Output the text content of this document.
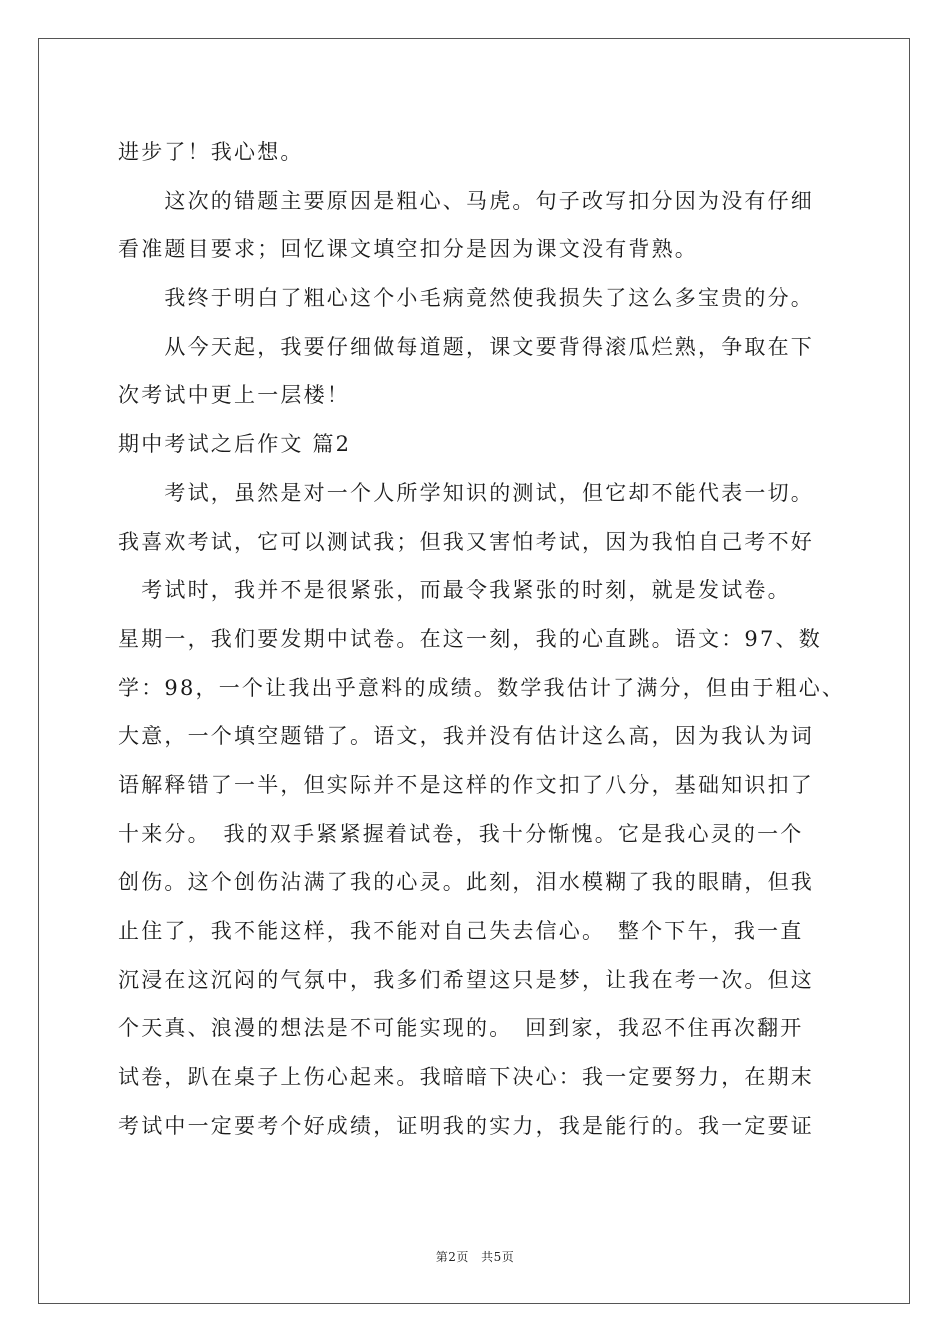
进步了！我心想。
　　这次的错题主要原因是粗心、马虎。句子改写扣分因为没有仔细
看准题目要求；回忆课文填空扣分是因为课文没有背熟。
　　我终于明白了粗心这个小毛病竟然使我损失了这么多宝贵的分。
　　从今天起，我要仔细做每道题，课文要背得滚瓜烂熟，争取在下
次考试中更上一层楼！
期中考试之后作文 篇2
　　考试，虽然是对一个人所学知识的测试，但它却不能代表一切。
我喜欢考试，它可以测试我；但我又害怕考试，因为我怕自己考不好
　考试时，我并不是很紧张，而最令我紧张的时刻，就是发试卷。
星期一，我们要发期中试卷。在这一刻，我的心直跳。语文：97、数
学：98，一个让我出乎意料的成绩。数学我估计了满分，但由于粗心、
大意，一个填空题错了。语文，我并没有估计这么高，因为我认为词
语解释错了一半，但实际并不是这样的作文扣了八分，基础知识扣了
十来分。　我的双手紧紧握着试卷，我十分惭愧。它是我心灵的一个
创伤。这个创伤沾满了我的心灵。此刻，泪水模糊了我的眼睛，但我
止住了，我不能这样，我不能对自己失去信心。　整个下午，我一直
沉浸在这沉闷的气氛中，我多们希望这只是梦，让我在考一次。但这
个天真、浪漫的想法是不可能实现的。　回到家，我忍不住再次翻开
试卷，趴在桌子上伤心起来。我暗暗下决心：我一定要努力，在期末
考试中一定要考个好成绩，证明我的实力，我是能行的。我一定要证
第2页 共5页
